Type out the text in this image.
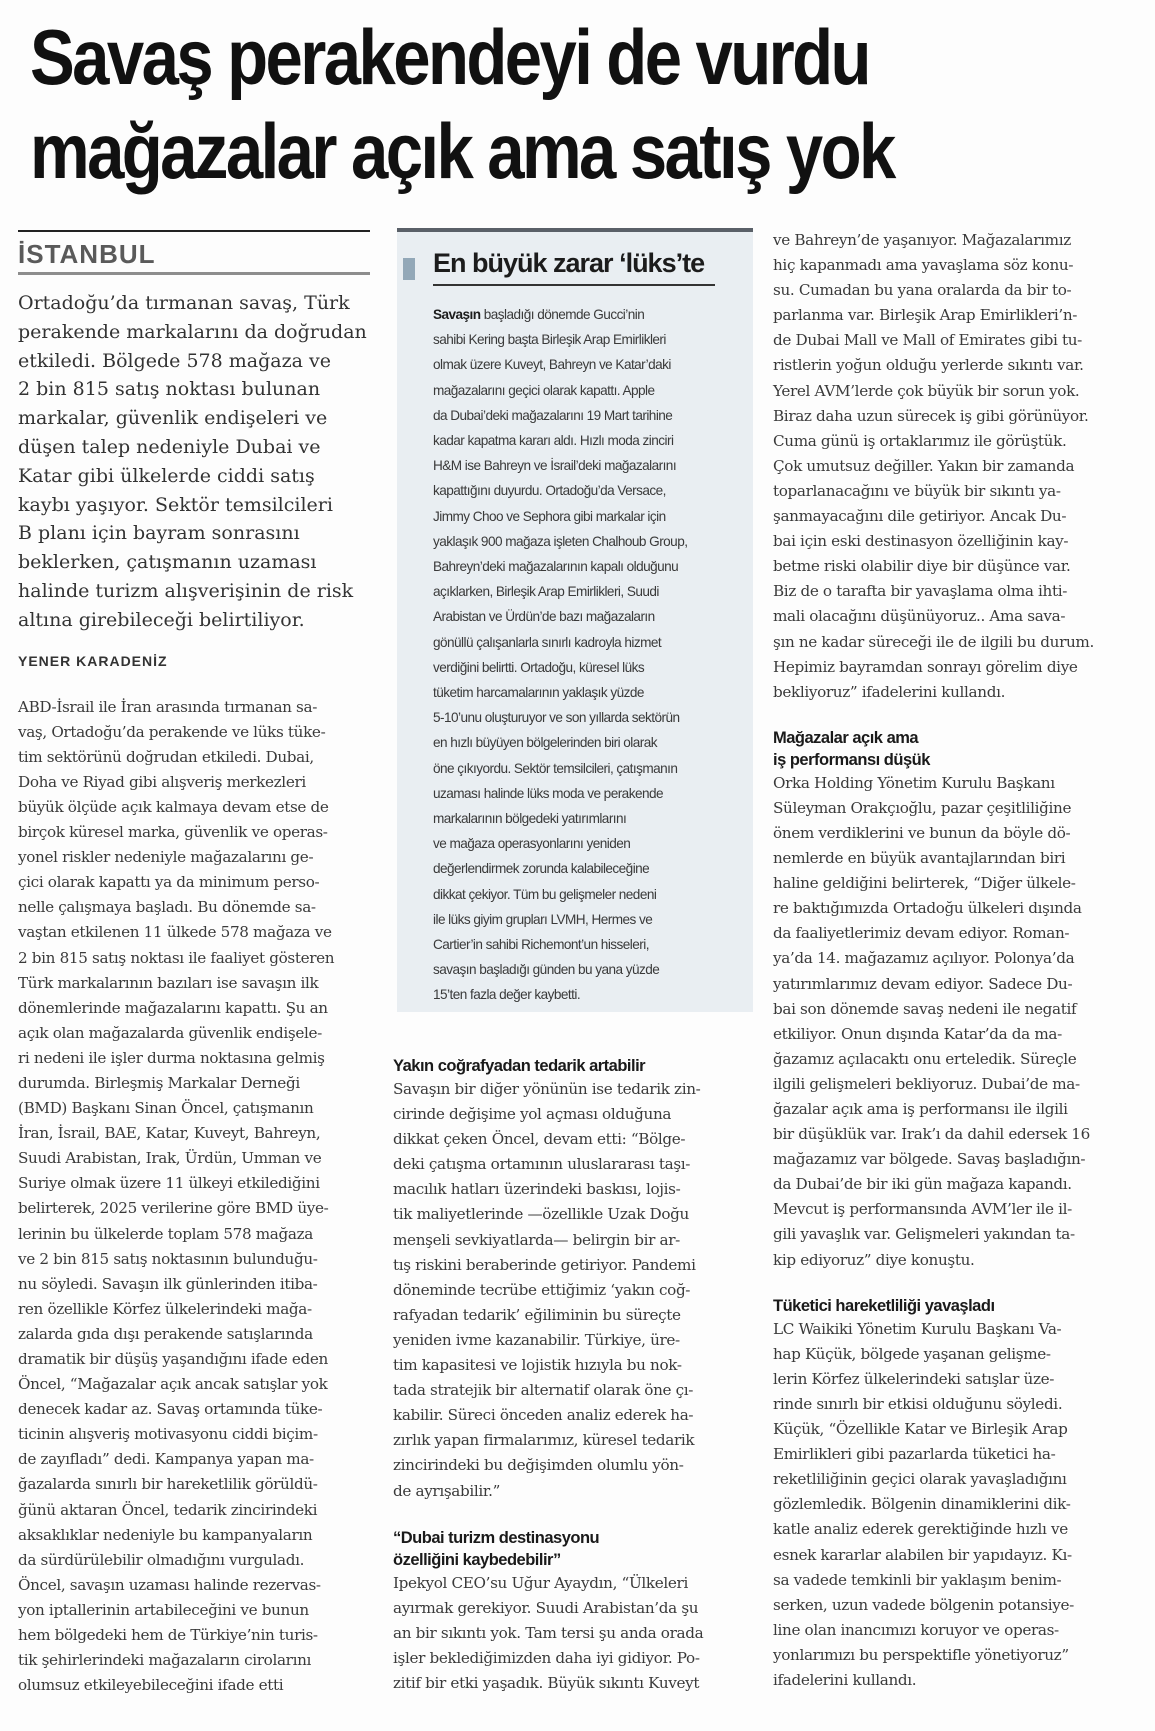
Savaş perakendeyi de vurdu
mağazalar açık ama satış yok
İSTANBUL
Ortadoğu’da tırmanan savaş, Türk
perakende markalarını da doğrudan
etkiledi. Bölgede 578 mağaza ve
2 bin 815 satış noktası bulunan
markalar, güvenlik endişeleri ve
düşen talep nedeniyle Dubai ve
Katar gibi ülkelerde ciddi satış
kaybı yaşıyor. Sektör temsilcileri
B planı için bayram sonrasını
beklerken, çatışmanın uzaması
halinde turizm alışverişinin de risk
altına girebileceği belirtiliyor.
YENER KARADENİZ
ABD-İsrail ile İran arasında tırmanan sa-
vaş, Ortadoğu’da perakende ve lüks tüke-
tim sektörünü doğrudan etkiledi. Dubai,
Doha ve Riyad gibi alışveriş merkezleri
büyük ölçüde açık kalmaya devam etse de
birçok küresel marka, güvenlik ve operas-
yonel riskler nedeniyle mağazalarını ge-
çici olarak kapattı ya da minimum perso-
nelle çalışmaya başladı. Bu dönemde sa-
vaştan etkilenen 11 ülkede 578 mağaza ve
2 bin 815 satış noktası ile faaliyet gösteren
Türk markalarının bazıları ise savaşın ilk
dönemlerinde mağazalarını kapattı. Şu an
açık olan mağazalarda güvenlik endişele-
ri nedeni ile işler durma noktasına gelmiş
durumda. Birleşmiş Markalar Derneği
(BMD) Başkanı Sinan Öncel, çatışmanın
İran, İsrail, BAE, Katar, Kuveyt, Bahreyn,
Suudi Arabistan, Irak, Ürdün, Umman ve
Suriye olmak üzere 11 ülkeyi etkilediğini
belirterek, 2025 verilerine göre BMD üye-
lerinin bu ülkelerde toplam 578 mağaza
ve 2 bin 815 satış noktasının bulunduğu-
nu söyledi. Savaşın ilk günlerinden itiba-
ren özellikle Körfez ülkelerindeki mağa-
zalarda gıda dışı perakende satışlarında
dramatik bir düşüş yaşandığını ifade eden
Öncel, “Mağazalar açık ancak satışlar yok
denecek kadar az. Savaş ortamında tüke-
ticinin alışveriş motivasyonu ciddi biçim-
de zayıfladı” dedi. Kampanya yapan ma-
ğazalarda sınırlı bir hareketlilik görüldü-
ğünü aktaran Öncel, tedarik zincirindeki
aksaklıklar nedeniyle bu kampanyaların
da sürdürülebilir olmadığını vurguladı.
Öncel, savaşın uzaması halinde rezervas-
yon iptallerinin artabileceğini ve bunun
hem bölgedeki hem de Türkiye’nin turis-
tik şehirlerindeki mağazaların cirolarını
olumsuz etkileyebileceğini ifade etti
En büyük zarar ‘lüks’te
Savaşın başladığı dönemde Gucci’nin
sahibi Kering başta Birleşik Arap Emirlikleri
olmak üzere Kuveyt, Bahreyn ve Katar’daki
mağazalarını geçici olarak kapattı. Apple
da Dubai’deki mağazalarını 19 Mart tarihine
kadar kapatma kararı aldı. Hızlı moda zinciri
H&M ise Bahreyn ve İsrail’deki mağazalarını
kapattığını duyurdu. Ortadoğu’da Versace,
Jimmy Choo ve Sephora gibi markalar için
yaklaşık 900 mağaza işleten Chalhoub Group,
Bahreyn’deki mağazalarının kapalı olduğunu
açıklarken, Birleşik Arap Emirlikleri, Suudi
Arabistan ve Ürdün’de bazı mağazaların
gönüllü çalışanlarla sınırlı kadroyla hizmet
verdiğini belirtti. Ortadoğu, küresel lüks
tüketim harcamalarının yaklaşık yüzde
5-10’unu oluşturuyor ve son yıllarda sektörün
en hızlı büyüyen bölgelerinden biri olarak
öne çıkıyordu. Sektör temsilcileri, çatışmanın
uzaması halinde lüks moda ve perakende
markalarının bölgedeki yatırımlarını
ve mağaza operasyonlarını yeniden
değerlendirmek zorunda kalabileceğine
dikkat çekiyor. Tüm bu gelişmeler nedeni
ile lüks giyim grupları LVMH, Hermes ve
Cartier’in sahibi Richemont’un hisseleri,
savaşın başladığı günden bu yana yüzde
15’ten fazla değer kaybetti.
Yakın coğrafyadan tedarik artabilir
Savaşın bir diğer yönünün ise tedarik zin-
cirinde değişime yol açması olduğuna
dikkat çeken Öncel, devam etti: “Bölge-
deki çatışma ortamının uluslararası taşı-
macılık hatları üzerindeki baskısı, lojis-
tik maliyetlerinde —özellikle Uzak Doğu
menşeli sevkiyatlarda— belirgin bir ar-
tış riskini beraberinde getiriyor. Pandemi
döneminde tecrübe ettiğimiz ‘yakın coğ-
rafyadan tedarik’ eğiliminin bu süreçte
yeniden ivme kazanabilir. Türkiye, üre-
tim kapasitesi ve lojistik hızıyla bu nok-
tada stratejik bir alternatif olarak öne çı-
kabilir. Süreci önceden analiz ederek ha-
zırlık yapan firmalarımız, küresel tedarik
zincirindeki bu değişimden olumlu yön-
de ayrışabilir.”
“Dubai turizm destinasyonu
özelliğini kaybedebilir”
Ipekyol CEO’su Uğur Ayaydın, “Ülkeleri
ayırmak gerekiyor. Suudi Arabistan’da şu
an bir sıkıntı yok. Tam tersi şu anda orada
işler beklediğimizden daha iyi gidiyor. Po-
zitif bir etki yaşadık. Büyük sıkıntı Kuveyt
ve Bahreyn’de yaşanıyor. Mağazalarımız
hiç kapanmadı ama yavaşlama söz konu-
su. Cumadan bu yana oralarda da bir to-
parlanma var. Birleşik Arap Emirlikleri’n-
de Dubai Mall ve Mall of Emirates gibi tu-
ristlerin yoğun olduğu yerlerde sıkıntı var.
Yerel AVM’lerde çok büyük bir sorun yok.
Biraz daha uzun sürecek iş gibi görünüyor.
Cuma günü iş ortaklarımız ile görüştük.
Çok umutsuz değiller. Yakın bir zamanda
toparlanacağını ve büyük bir sıkıntı ya-
şanmayacağını dile getiriyor. Ancak Du-
bai için eski destinasyon özelliğinin kay-
betme riski olabilir diye bir düşünce var.
Biz de o tarafta bir yavaşlama olma ihti-
mali olacağını düşünüyoruz.. Ama sava-
şın ne kadar süreceği ile de ilgili bu durum.
Hepimiz bayramdan sonrayı görelim diye
bekliyoruz” ifadelerini kullandı.
Mağazalar açık ama
iş performansı düşük
Orka Holding Yönetim Kurulu Başkanı
Süleyman Orakçıoğlu, pazar çeşitliliğine
önem verdiklerini ve bunun da böyle dö-
nemlerde en büyük avantajlarından biri
haline geldiğini belirterek, “Diğer ülkele-
re baktığımızda Ortadoğu ülkeleri dışında
da faaliyetlerimiz devam ediyor. Roman-
ya’da 14. mağazamız açılıyor. Polonya’da
yatırımlarımız devam ediyor. Sadece Du-
bai son dönemde savaş nedeni ile negatif
etkiliyor. Onun dışında Katar’da da ma-
ğazamız açılacaktı onu erteledik. Süreçle
ilgili gelişmeleri bekliyoruz. Dubai’de ma-
ğazalar açık ama iş performansı ile ilgili
bir düşüklük var. Irak’ı da dahil edersek 16
mağazamız var bölgede. Savaş başladığın-
da Dubai’de bir iki gün mağaza kapandı.
Mevcut iş performansında AVM’ler ile il-
gili yavaşlık var. Gelişmeleri yakından ta-
kip ediyoruz” diye konuştu.
Tüketici hareketliliği yavaşladı
LC Waikiki Yönetim Kurulu Başkanı Va-
hap Küçük, bölgede yaşanan gelişme-
lerin Körfez ülkelerindeki satışlar üze-
rinde sınırlı bir etkisi olduğunu söyledi.
Küçük, “Özellikle Katar ve Birleşik Arap
Emirlikleri gibi pazarlarda tüketici ha-
reketliliğinin geçici olarak yavaşladığını
gözlemledik. Bölgenin dinamiklerini dik-
katle analiz ederek gerektiğinde hızlı ve
esnek kararlar alabilen bir yapıdayız. Kı-
sa vadede temkinli bir yaklaşım benim-
serken, uzun vadede bölgenin potansiye-
line olan inancımızı koruyor ve operas-
yonlarımızı bu perspektifle yönetiyoruz”
ifadelerini kullandı.
